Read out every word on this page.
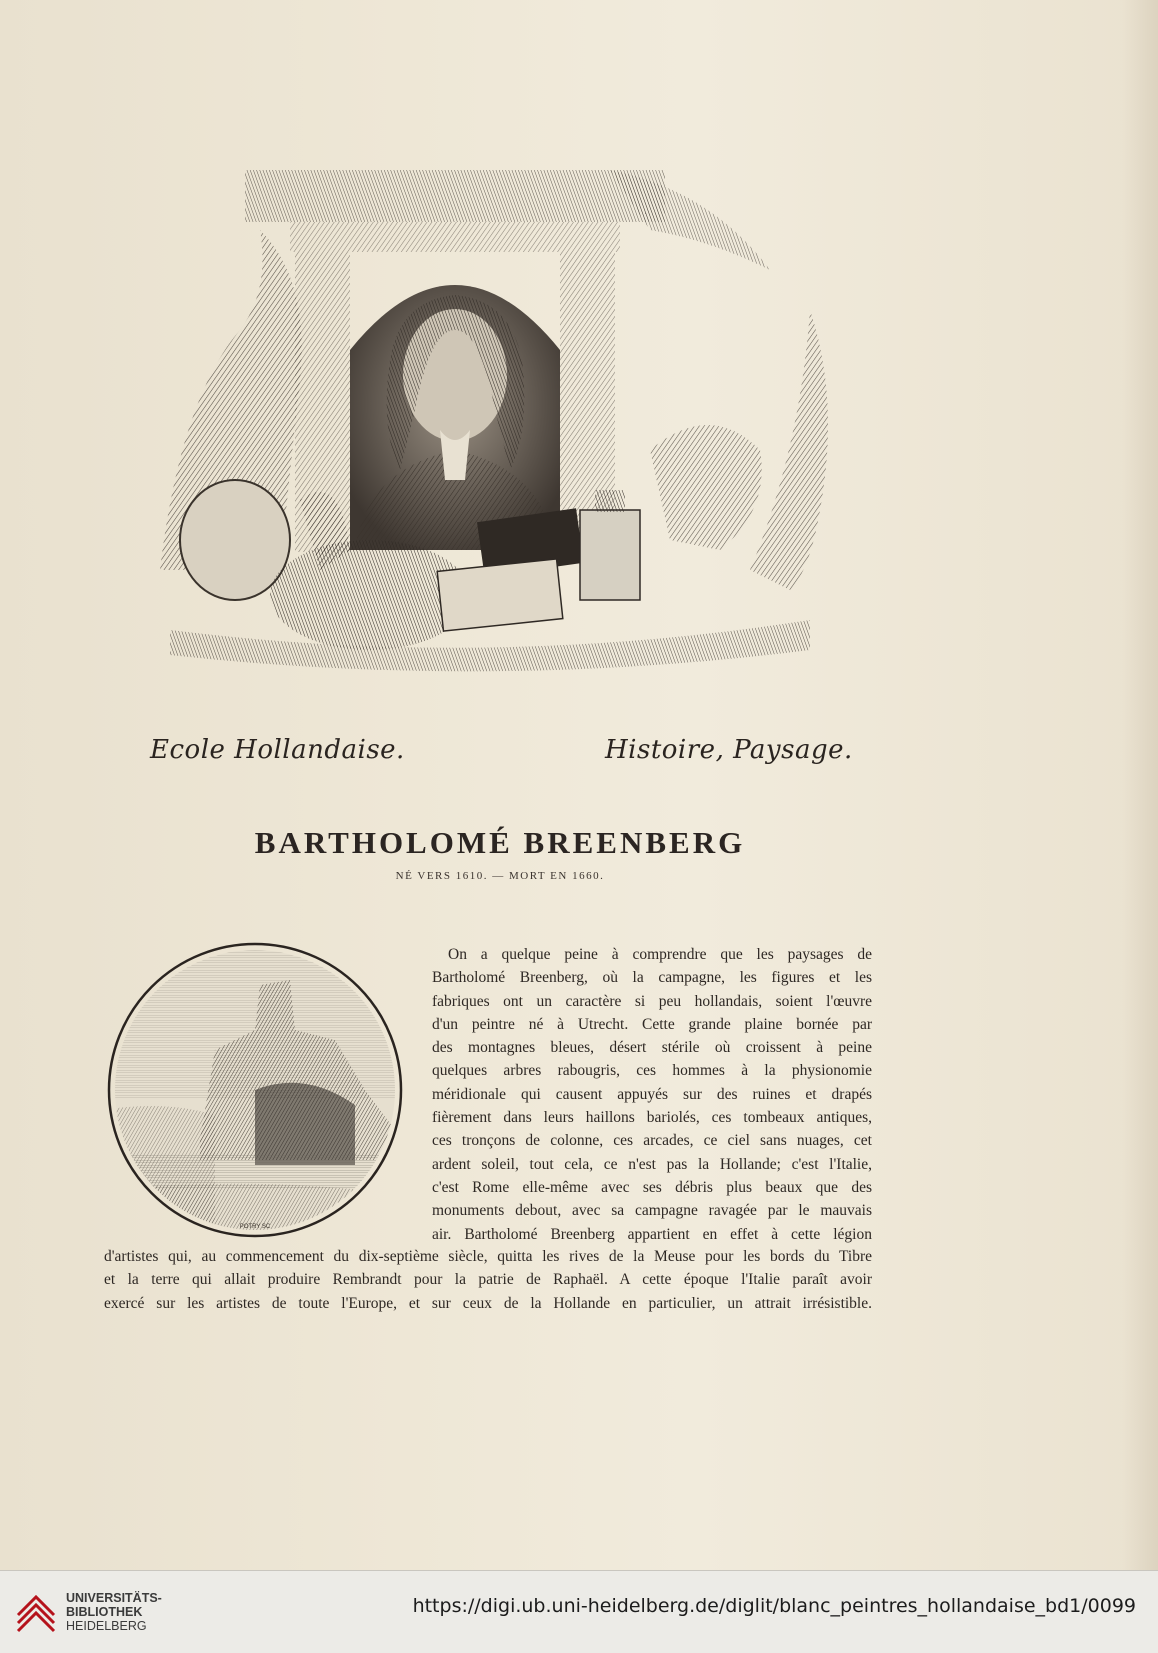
Ecole Hollandaise.	Histoire, Paysage.
BARTHOLOMÉ BREENBERG
NÉ VERS 1610. — MORT EN 1660.
POTRY SC
On a quelque peine à comprendre que les paysages de
Bartholomé Breenberg, où la campagne, les figures et les
fabriques ont un caractère si peu hollandais, soient l'œuvre
d'un peintre né à Utrecht. Cette grande plaine bornée par
des montagnes bleues, désert stérile où croissent à peine
quelques arbres rabougris, ces hommes à la physionomie
méridionale qui causent appuyés sur des ruines et drapés
fièrement dans leurs haillons bariolés, ces tombeaux antiques,
ces tronçons de colonne, ces arcades, ce ciel sans nuages, cet
ardent soleil, tout cela, ce n'est pas la Hollande; c'est l'Italie,
c'est Rome elle-même avec ses débris plus beaux que des
monuments debout, avec sa campagne ravagée par le mauvais
air. Bartholomé Breenberg appartient en effet à cette légion
d'artistes qui, au commencement du dix-septième siècle, quitta les rives de la Meuse pour les bords du Tibre
et la terre qui allait produire Rembrandt pour la patrie de Raphaël. A cette époque l'Italie paraît avoir
exercé sur les artistes de toute l'Europe, et sur ceux de la Hollande en particulier, un attrait irrésistible.
UNIVERSITÄTS-
BIBLIOTHEK
HEIDELBERG
https://digi.ub.uni-heidelberg.de/diglit/blanc_peintres_hollandaise_bd1/0099
